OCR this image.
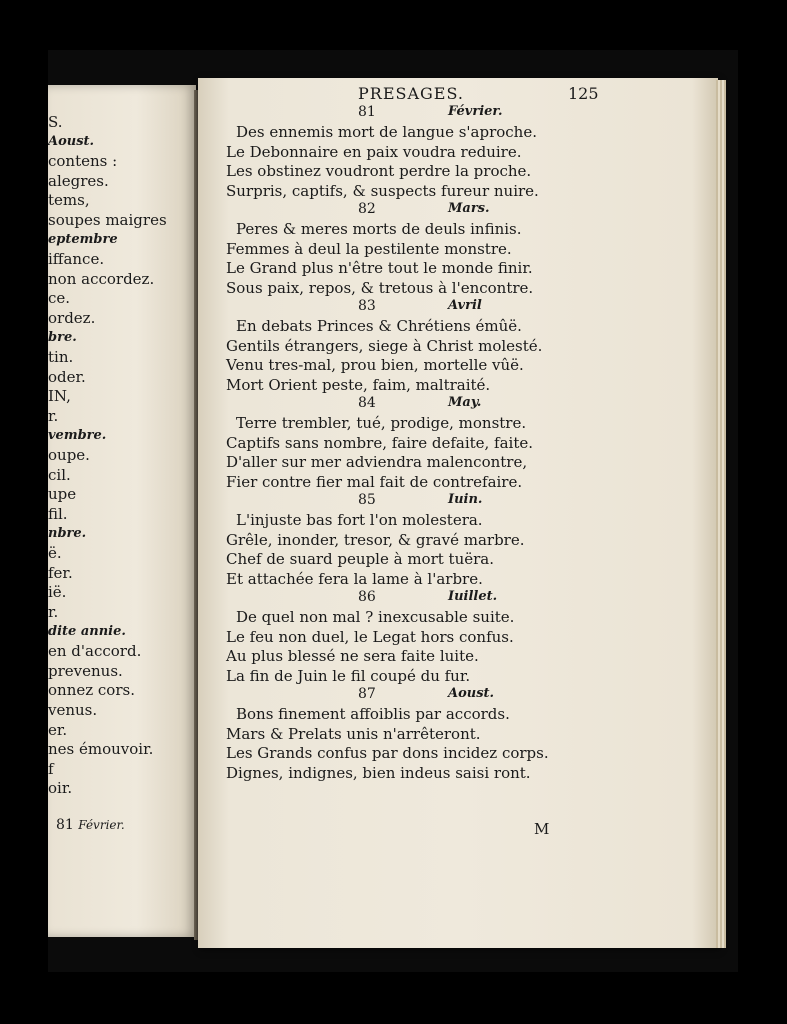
S.
Aoust.
contens :
alegres.
tems,
soupes maigres
eptembre
iffance.
non accordez.
ce.
ordez.
bre.
tin.
oder.
IN,
r.
vembre.
oupe.
cil.
upe
fil.
nbre.
ë.
fer.
ië.
r.
dite annie.
en d'accord.
prevenus.
onnez cors.
venus.
er.
nes émouvoir.
f
oir.
81 Février.
PRESAGES.	125
M
81	Février.
Des ennemis mort de langue s'aproche.
Le Debonnaire en paix voudra reduire.
Les obstinez voudront perdre la proche.
Surpris, captifs, & suspects fureur nuire.
82	Mars.
Peres & meres morts de deuls infinis.
Femmes à deul la pestilente monstre.
Le Grand plus n'être tout le monde finir.
Sous paix, repos, & tretous à l'encontre.
83	Avril
En debats Princes & Chrétiens émûë.
Gentils étrangers, siege à Christ molesté.
Venu tres-mal, prou bien, mortelle vûë.
Mort Orient peste, faim, maltraité.
84	May.
Terre trembler, tué, prodige, monstre.
Captifs sans nombre, faire defaite, faite.
D'aller sur mer adviendra malencontre,
Fier contre fier mal fait de contrefaire.
85	Iuin.
L'injuste bas fort l'on molestera.
Grêle, inonder, tresor, & gravé marbre.
Chef de suard peuple à mort tuëra.
Et attachée fera la lame à l'arbre.
86	Iuillet.
De quel non mal ? inexcusable suite.
Le feu non duel, le Legat hors confus.
Au plus blessé ne sera faite luite.
La fin de Juin le fil coupé du fur.
87	Aoust.
Bons finement affoiblis par accords.
Mars & Prelats unis n'arrêteront.
Les Grands confus par dons incidez corps.
Dignes, indignes, bien indeus saisi ront.
